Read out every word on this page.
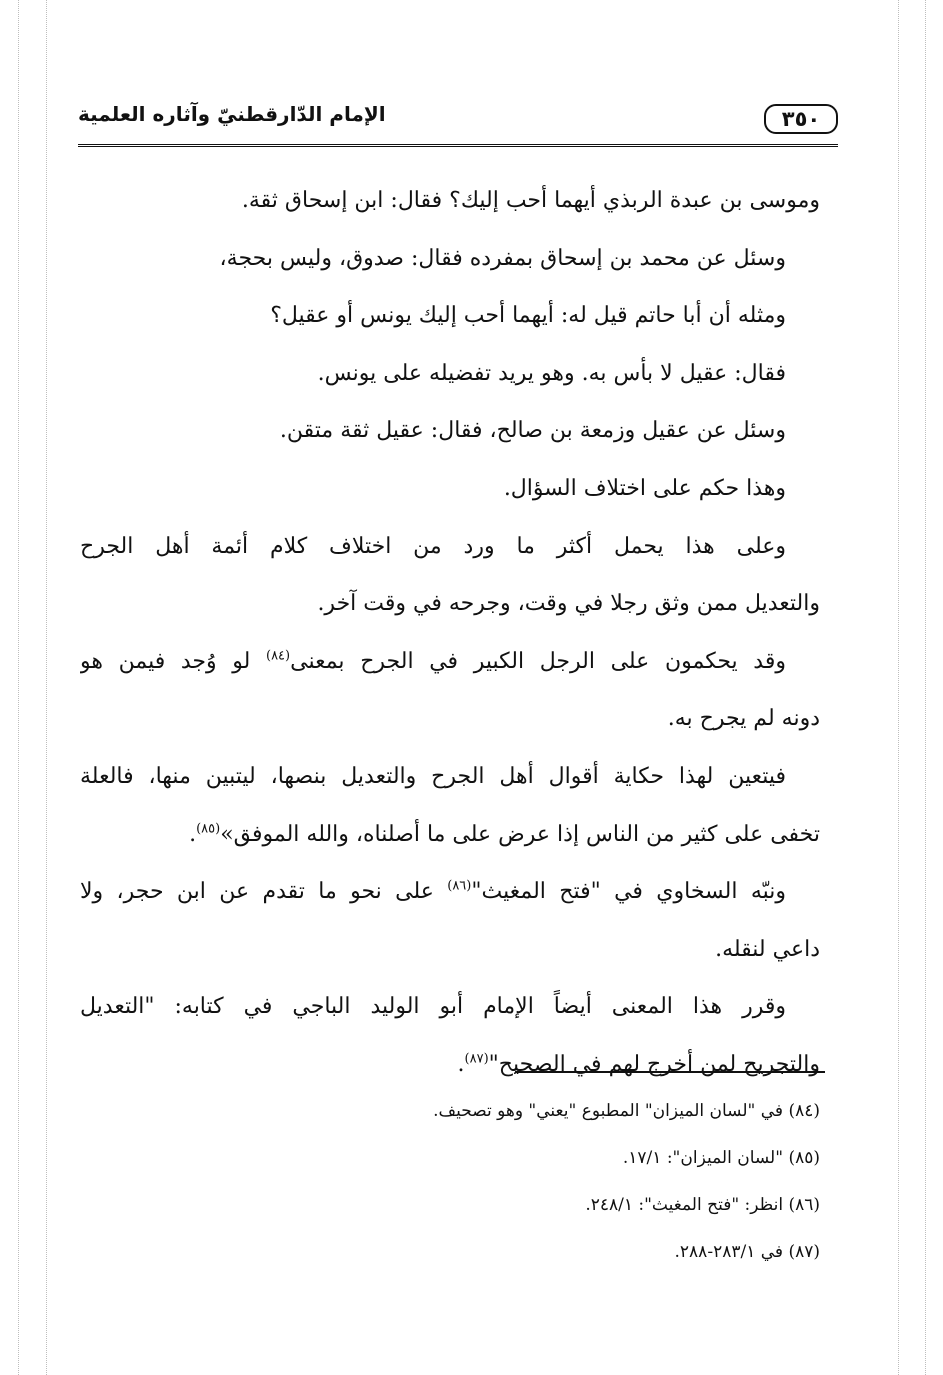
٣٥٠
الإمام الدّارقطنيّ وآثاره العلمية
وموسى بن عبدة الربذي أيهما أحب إليك؟ فقال: ابن إسحاق ثقة.
وسئل عن محمد بن إسحاق بمفرده فقال: صدوق، وليس بحجة،
ومثله أن أبا حاتم قيل له: أيهما أحب إليك يونس أو عقيل؟
فقال: عقيل لا بأس به. وهو يريد تفضيله على يونس.
وسئل عن عقيل وزمعة بن صالح، فقال: عقيل ثقة متقن.
وهذا حكم على اختلاف السؤال.
وعلى هذا يحمل أكثر ما ورد من اختلاف كلام أئمة أهل الجرح
والتعديل ممن وثق رجلا في وقت، وجرحه في وقت آخر.
وقد يحكمون على الرجل الكبير في الجرح بمعنى$^{(٨٤)}$ لو وُجد فيمن هو
دونه لم يجرح به.
فيتعين لهذا حكاية أقوال أهل الجرح والتعديل بنصها، ليتبين منها، فالعلة
تخفى على كثير من الناس إذا عرض على ما أصلناه، والله الموفق»$^{(٨٥)}$.
ونبّه السخاوي في "فتح المغيث"$^{(٨٦)}$ على نحو ما تقدم عن ابن حجر، ولا
داعي لنقله.
وقرر هذا المعنى أيضاً الإمام أبو الوليد الباجي في كتابه: "التعديل
والتجريح لمن أخرج لهم في الصحيح"$^{(٨٧)}$.
(٨٤) في "لسان الميزان" المطبوع "يعني" وهو تصحيف.
(٨٥) "لسان الميزان": ١٧/١.
(٨٦) انظر: "فتح المغيث": ٢٤٨/١.
(٨٧) في ٢٨٣/١-٢٨٨.
